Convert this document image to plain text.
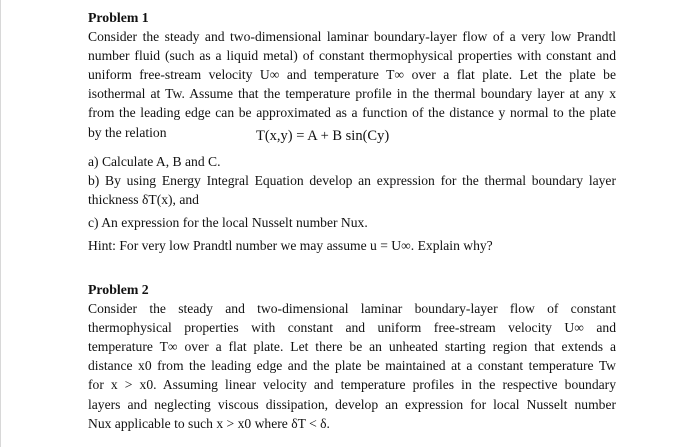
Problem 1
Consider the steady and two-dimensional laminar boundary-layer flow of a very low Prandtl
number fluid (such as a liquid metal) of constant thermophysical properties with constant and
uniform free-stream velocity U∞ and temperature T∞ over a flat plate. Let the plate be
isothermal at Tw. Assume that the temperature profile in the thermal boundary layer at any x
from the leading edge can be approximated as a function of the distance y normal to the plate
by the relation	T(x,y) = A + B sin(Cy)
a) Calculate A, B and C.
b) By using Energy Integral Equation develop an expression for the thermal boundary layer
thickness δT(x), and
c) An expression for the local Nusselt number Nux.
Hint: For very low Prandtl number we may assume u = U∞. Explain why?
Problem 2
Consider the steady and two-dimensional laminar boundary-layer flow of constant
thermophysical properties with constant and uniform free-stream velocity U∞ and
temperature T∞ over a flat plate. Let there be an unheated starting region that extends a
distance x0 from the leading edge and the plate be maintained at a constant temperature Tw
for x > x0. Assuming linear velocity and temperature profiles in the respective boundary
layers and neglecting viscous dissipation, develop an expression for local Nusselt number
Nux applicable to such x > x0 where δT < δ.
